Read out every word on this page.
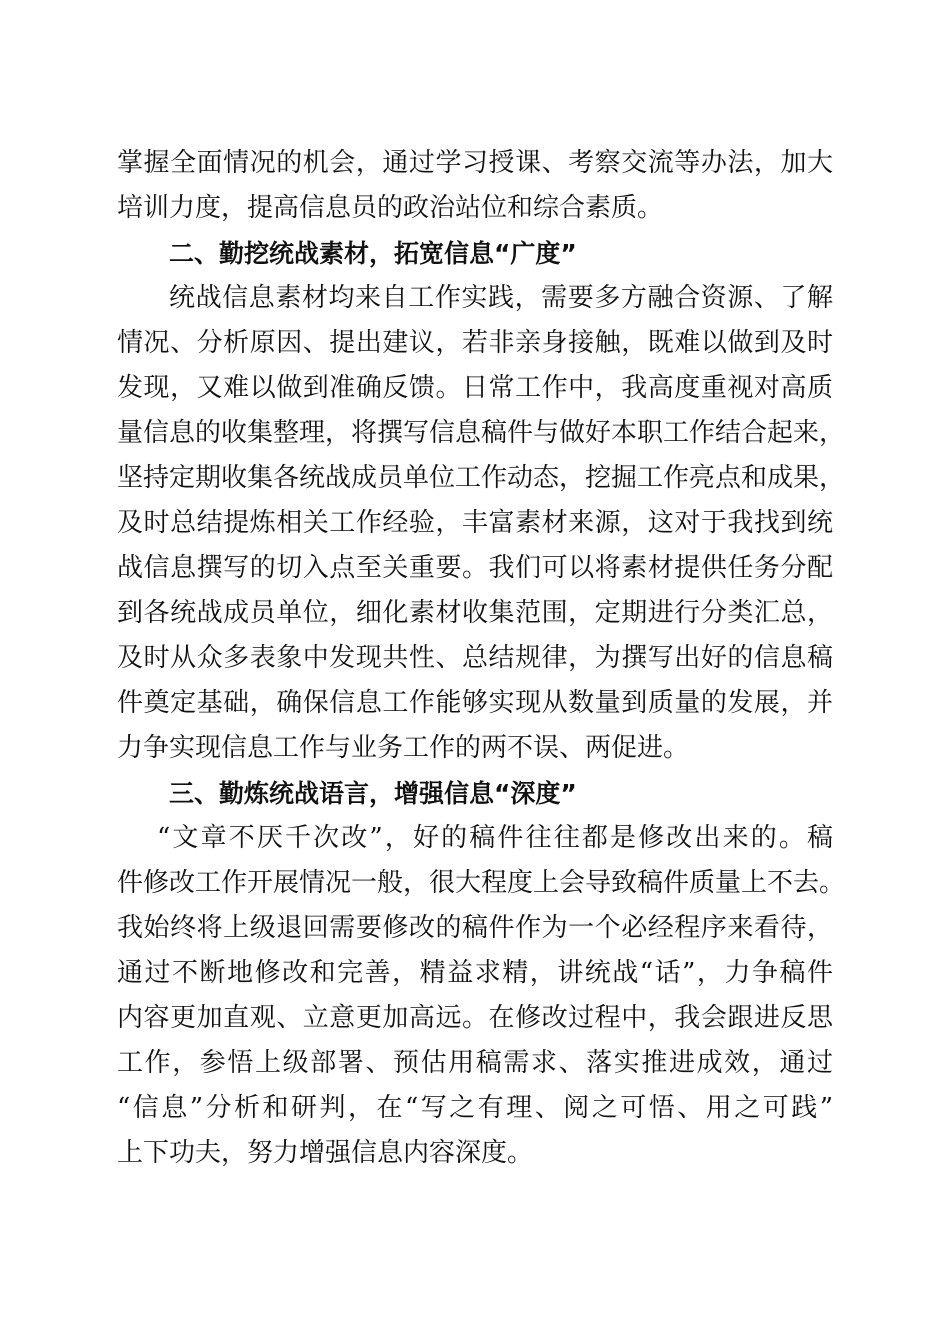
掌握全面情况的机会，通过学习授课、考察交流等办法，加大
培训力度，提高信息员的政治站位和综合素质。
二、勤挖统战素材，拓宽信息“广度”
统战信息素材均来自工作实践，需要多方融合资源、了解
情况、分析原因、提出建议，若非亲身接触，既难以做到及时
发现，又难以做到准确反馈。日常工作中，我高度重视对高质
量信息的收集整理，将撰写信息稿件与做好本职工作结合起来，
坚持定期收集各统战成员单位工作动态，挖掘工作亮点和成果，
及时总结提炼相关工作经验，丰富素材来源，这对于我找到统
战信息撰写的切入点至关重要。我们可以将素材提供任务分配
到各统战成员单位，细化素材收集范围，定期进行分类汇总，
及时从众多表象中发现共性、总结规律，为撰写出好的信息稿
件奠定基础，确保信息工作能够实现从数量到质量的发展，并
力争实现信息工作与业务工作的两不误、两促进。
三、勤炼统战语言，增强信息“深度”
“文章不厌千次改”，好的稿件往往都是修改出来的。稿
件修改工作开展情况一般，很大程度上会导致稿件质量上不去。
我始终将上级退回需要修改的稿件作为一个必经程序来看待，
通过不断地修改和完善，精益求精，讲统战“话”，力争稿件
内容更加直观、立意更加高远。在修改过程中，我会跟进反思
工作，参悟上级部署、预估用稿需求、落实推进成效，通过
“信息”分析和研判，在“写之有理、阅之可悟、用之可践”
上下功夫，努力增强信息内容深度。
